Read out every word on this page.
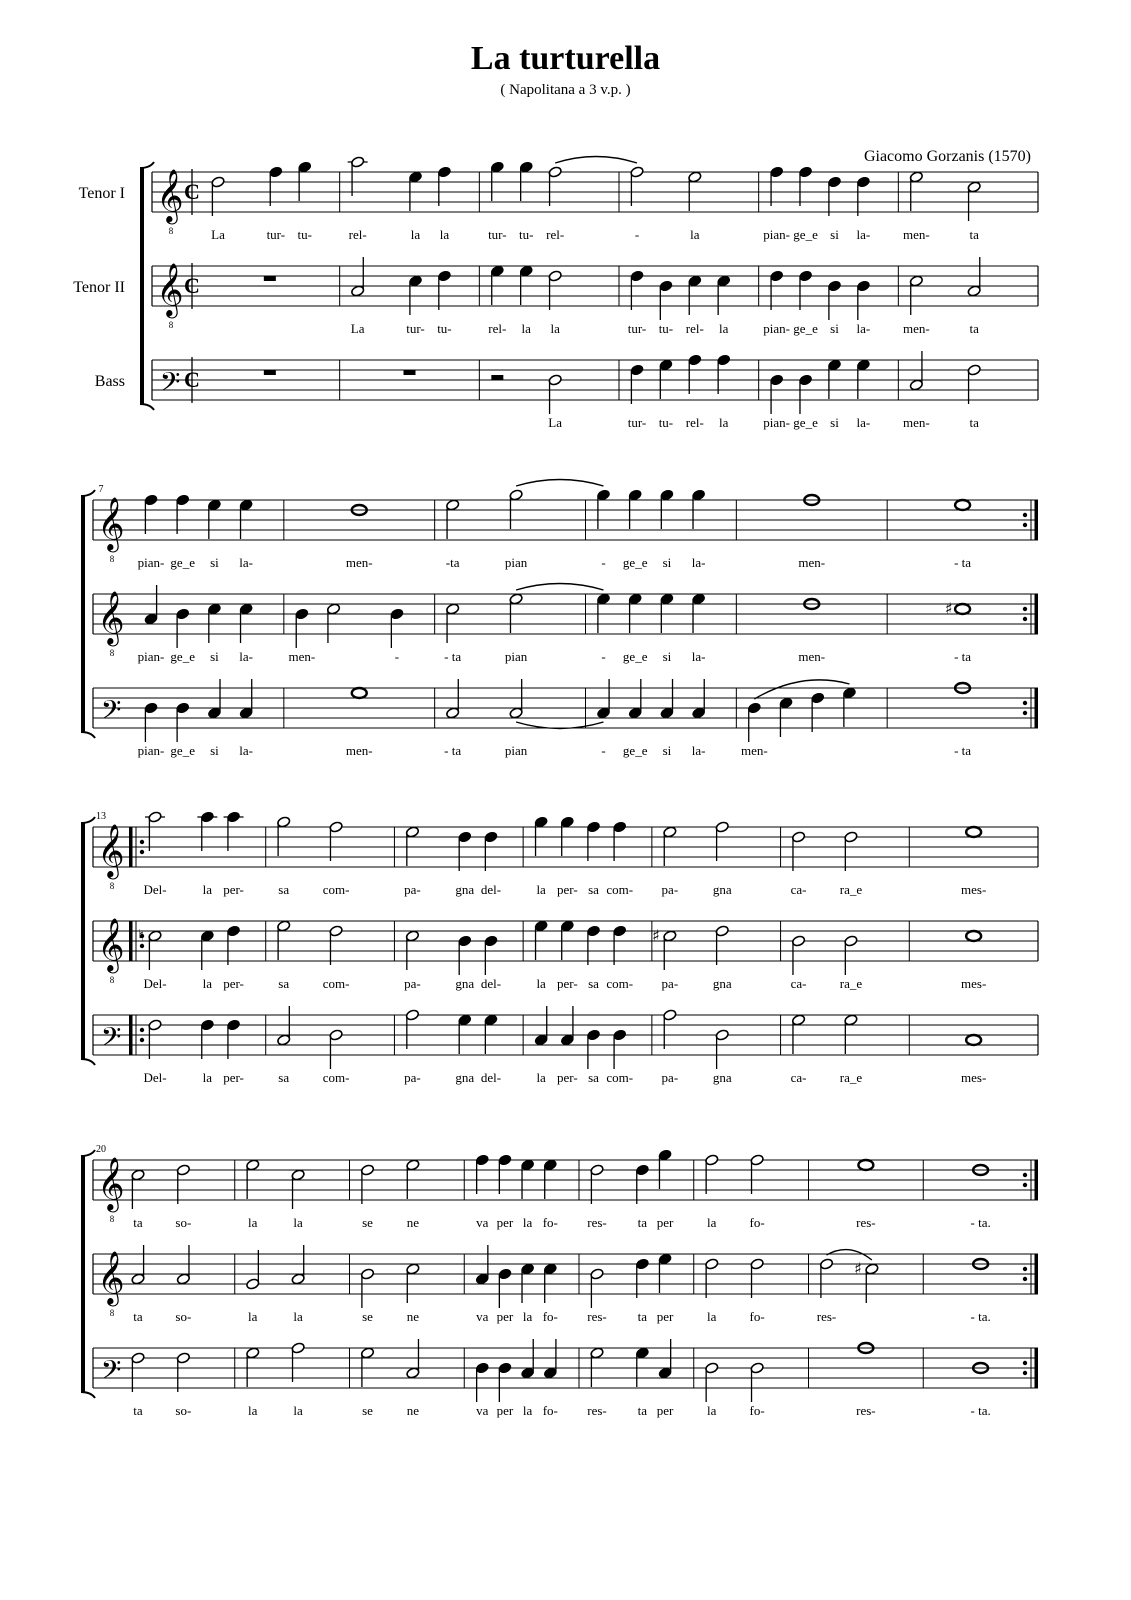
La turturella
( Napolitana a 3 v.p. )
Giacomo Gorzanis (1570)
Tenor I 𝄞
8
C
La	tur- tu-	rel-	la la	tur- tu- rel-	-	la	pian- ge_e si la-	men-	ta
Tenor II 𝄞
8
C
La	tur- tu-	rel- la la	tur- tu- rel- la	pian- ge_e si la-	men-	ta
Bass 𝄢 C
La	tur- tu- rel- la	pian- ge_e si la-	men-	ta
7
𝄞
8 pian- ge_e si la-	men-	-ta	pian	- ge_e si la-	men-	- ta
𝄞
8 pian- ge_e si la-	men-	-	- ta	pian	- ge_e si la-	men-
♯
- ta
𝄢
pian- ge_e si la-	men-	- ta	pian	- ge_e si la-	men-	- ta
13
𝄞
8 Del-	la per-	sa	com-	pa-	gna del-	la per- sa com- pa-	gna	ca-	ra_e	mes-
𝄞
8
♮
Del-	la per-	sa	com-	pa-	gna del-	la per- sa com-
♯
pa-	gna	ca-	ra_e	mes-
𝄢
Del-	la per-	sa	com-	pa-	gna del-	la per- sa com- pa-	gna	ca-	ra_e	mes-
20
𝄞
8 ta	so-	la	la	se	ne	va per la fo- res- ta per	la	fo-	res-	- ta.
𝄞
8 ta	so-	la	la	se	ne	va per la fo- res- ta per	la	fo-	res-
♯
- ta.
𝄢
ta	so-	la	la	se	ne	va per la fo- res- ta per	la	fo-	res-	- ta.
